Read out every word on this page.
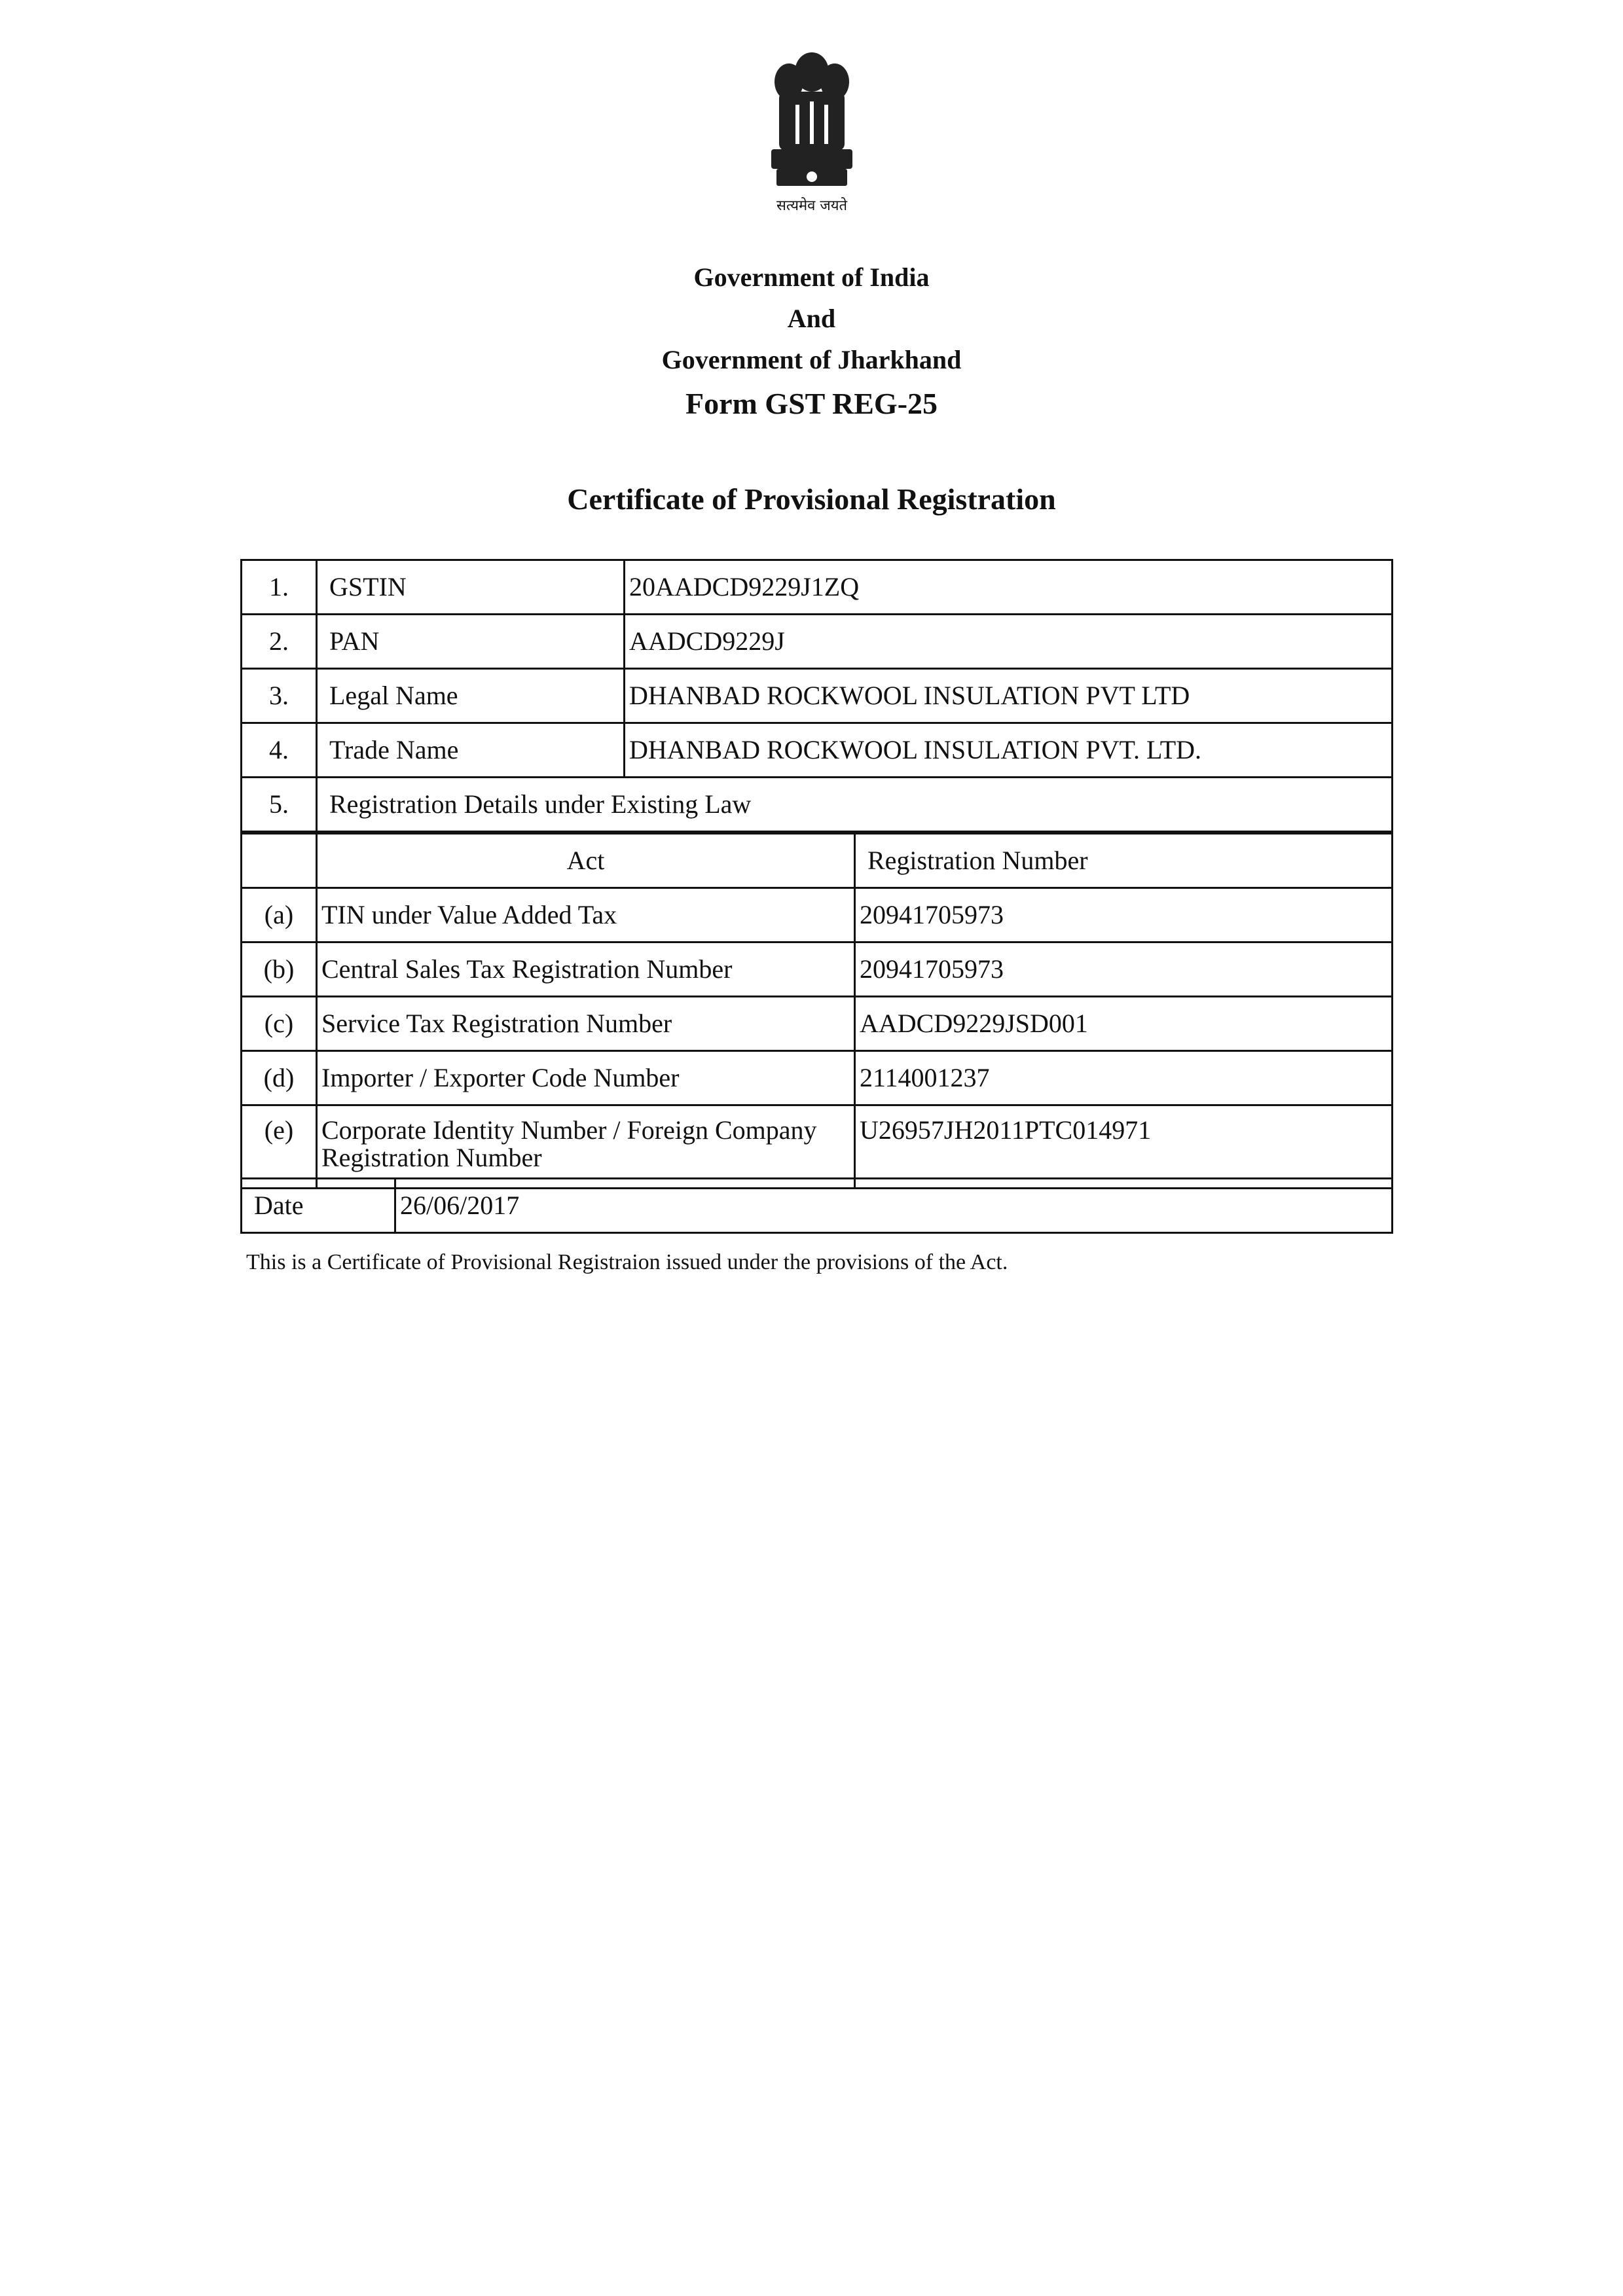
सत्यमेव जयते
Government of India
And
Government of Jharkhand
Form GST REG-25
Certificate of Provisional Registration
1.	GSTIN	20AADCD9229J1ZQ
2.	PAN	AADCD9229J
3.	Legal Name	DHANBAD ROCKWOOL INSULATION PVT LTD
4.	Trade Name	DHANBAD ROCKWOOL INSULATION PVT. LTD.
5.	Registration Details under Existing Law	
	Act	Registration Number
(a)	TIN under Value Added Tax	20941705973
(b)	Central Sales Tax Registration Number	20941705973
(c)	Service Tax Registration Number	AADCD9229JSD001
(d)	Importer / Exporter Code Number	2114001237
(e)	Corporate Identity Number / Foreign Company Registration Number	U26957JH2011PTC014971
Date	26/06/2017
This is a Certificate of Provisional Registraion issued under the provisions of the Act.
